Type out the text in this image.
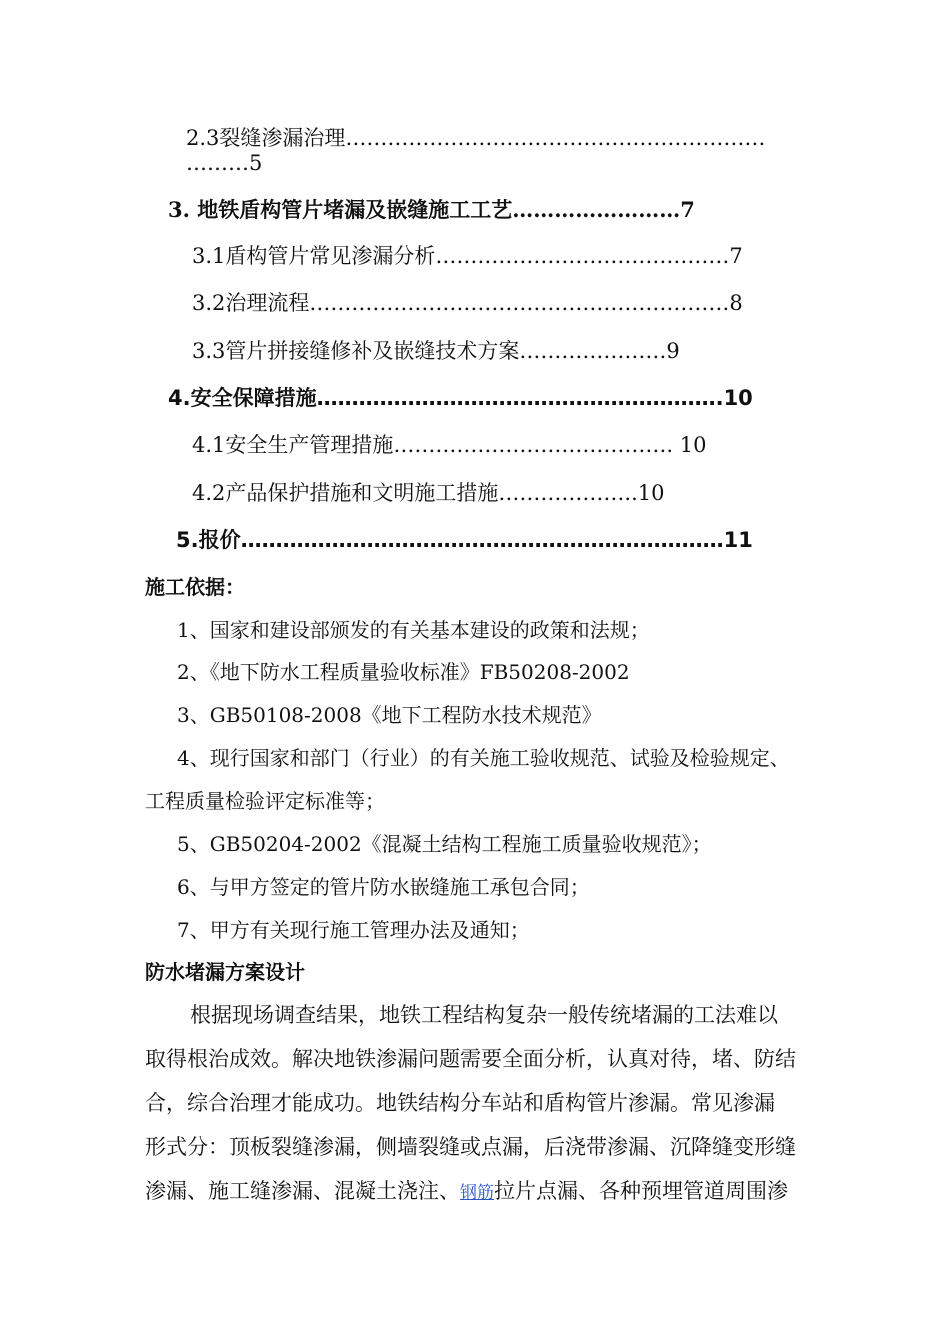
2.3裂缝渗漏治理……………………………………………………
………5
3. 地铁盾构管片堵漏及嵌缝施工工艺……………………7
3.1盾构管片常见渗漏分析……………………………………7
3.2治理流程……………………………………………………8
3.3管片拼接缝修补及嵌缝技术方案…………………9
4.安全保障措施………………………………………………….10
4.1安全生产管理措施…………………………………. 10
4.2产品保护措施和文明施工措施………………..10
5.报价……………………………………………………………11
施工依据：
1、国家和建设部颁发的有关基本建设的政策和法规；
2、《地下防水工程质量验收标准》FB50208-2002
3、GB50108-2008《地下工程防水技术规范》
4、现行国家和部门（行业）的有关施工验收规范、试验及检验规定、
工程质量检验评定标准等；
5、GB50204-2002《混凝土结构工程施工质量验收规范》；
6、与甲方签定的管片防水嵌缝施工承包合同；
7、甲方有关现行施工管理办法及通知；
防水堵漏方案设计
根据现场调查结果，地铁工程结构复杂一般传统堵漏的工法难以
取得根治成效。解决地铁渗漏问题需要全面分析，认真对待，堵、防结
合，综合治理才能成功。地铁结构分车站和盾构管片渗漏。常见渗漏
形式分：顶板裂缝渗漏，侧墙裂缝或点漏，后浇带渗漏、沉降缝变形缝
渗漏、施工缝渗漏、混凝土浇注、钢筋拉片点漏、各种预埋管道周围渗
